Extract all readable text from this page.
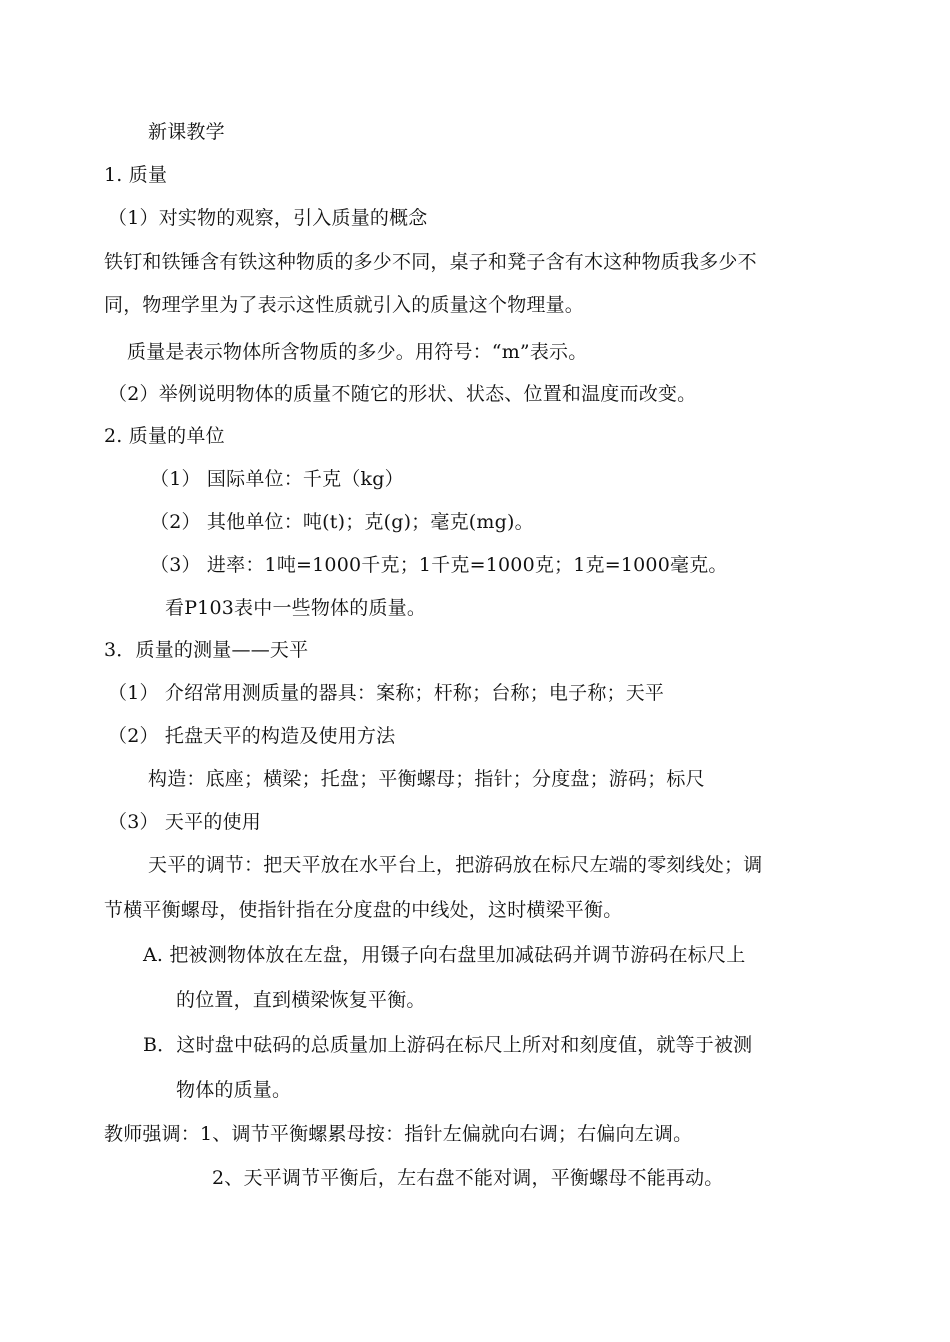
新课教学

1. 质量

（1）对实物的观察，引入质量的概念

铁钉和铁锤含有铁这种物质的多少不同，桌子和凳子含有木这种物质我多少不

同，物理学里为了表示这性质就引入的质量这个物理量。

质量是表示物体所含物质的多少。用符号：“m”表示。

（2）举例说明物体的质量不随它的形状、状态、位置和温度而改变。

2. 质量的单位

（1） 国际单位：千克（kg）

（2） 其他单位：吨(t)；克(g)；毫克(mg)。

（3） 进率：1吨=1000千克；1千克=1000克；1克=1000毫克。

看P103表中一些物体的质量。

3．质量的测量——天平

（1） 介绍常用测质量的器具：案称；杆称；台称；电子称；天平

（2） 托盘天平的构造及使用方法

构造：底座；横梁；托盘；平衡螺母；指针；分度盘；游码；标尺

（3） 天平的使用

天平的调节：把天平放在水平台上，把游码放在标尺左端的零刻线处；调

节横平衡螺母，使指针指在分度盘的中线处，这时横梁平衡。

A. 把被测物体放在左盘，用镊子向右盘里加减砝码并调节游码在标尺上

的位置，直到横梁恢复平衡。

B．这时盘中砝码的总质量加上游码在标尺上所对和刻度值，就等于被测

物体的质量。

教师强调：1、调节平衡螺累母按：指针左偏就向右调；右偏向左调。

2、天平调节平衡后，左右盘不能对调，平衡螺母不能再动。
